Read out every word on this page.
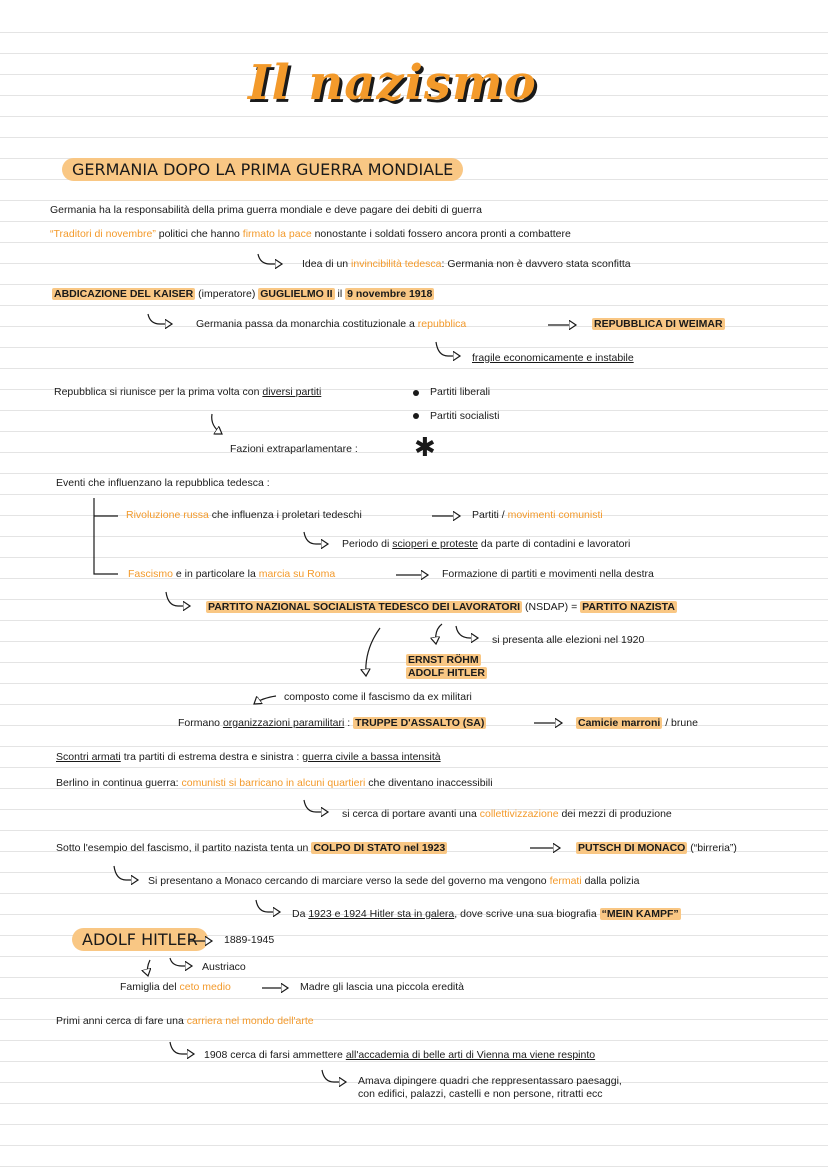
Il nazismo
GERMANIA DOPO LA PRIMA GUERRA MONDIALE
Germania ha la responsabilità della prima guerra mondiale e deve pagare dei debiti di guerra
“Traditori di novembre” politici che hanno firmato la pace nonostante i soldati fossero ancora pronti a combattere
Idea di un invincibilità tedesca: Germania non è davvero stata sconfitta
ABDICAZIONE DEL KAISER (imperatore) GUGLIELMO II il 9 novembre 1918
Germania passa da monarchia costituzionale a repubblica	REPUBBLICA DI WEIMAR
fragile economicamente e instabile
Repubblica si riunisce per la prima volta con diversi partiti	Partiti liberali
Partiti socialisti
Fazioni extraparlamentare : ✱
Eventi che influenzano la repubblica tedesca :
Rivoluzione russa che influenza i proletari tedeschi	Partiti / movimenti comunisti
Periodo di scioperi e proteste da parte di contadini e lavoratori
Fascismo e in particolare la marcia su Roma	Formazione di partiti e movimenti nella destra
PARTITO NAZIONAL SOCIALISTA TEDESCO DEI LAVORATORI (NSDAP) = PARTITO NAZISTA
si presenta alle elezioni nel 1920
ERNST RÖHM
ADOLF HITLER
composto come il fascismo da ex militari
Formano organizzazioni paramilitari : TRUPPE D'ASSALTO (SA)	Camicie marroni / brune
Scontri armati tra partiti di estrema destra e sinistra : guerra civile a bassa intensità
Berlino in continua guerra: comunisti si barricano in alcuni quartieri che diventano inaccessibili
si cerca di portare avanti una collettivizzazione dei mezzi di produzione
Sotto l'esempio del fascismo, il partito nazista tenta un COLPO DI STATO nel 1923	PUTSCH DI MONACO (“birreria”)
Si presentano a Monaco cercando di marciare verso la sede del governo ma vengono fermati dalla polizia
Da 1923 e 1924 Hitler sta in galera, dove scrive una sua biografia “MEIN KAMPF”
ADOLF HITLER	1889-1945
Austriaco
Famiglia del ceto medio	Madre gli lascia una piccola eredità
Primi anni cerca di fare una carriera nel mondo dell'arte
1908 cerca di farsi ammettere all'accademia di belle arti di Vienna ma viene respinto
Amava dipingere quadri che reppresentassaro paesaggi,
con edifici, palazzi, castelli e non persone, ritratti ecc
